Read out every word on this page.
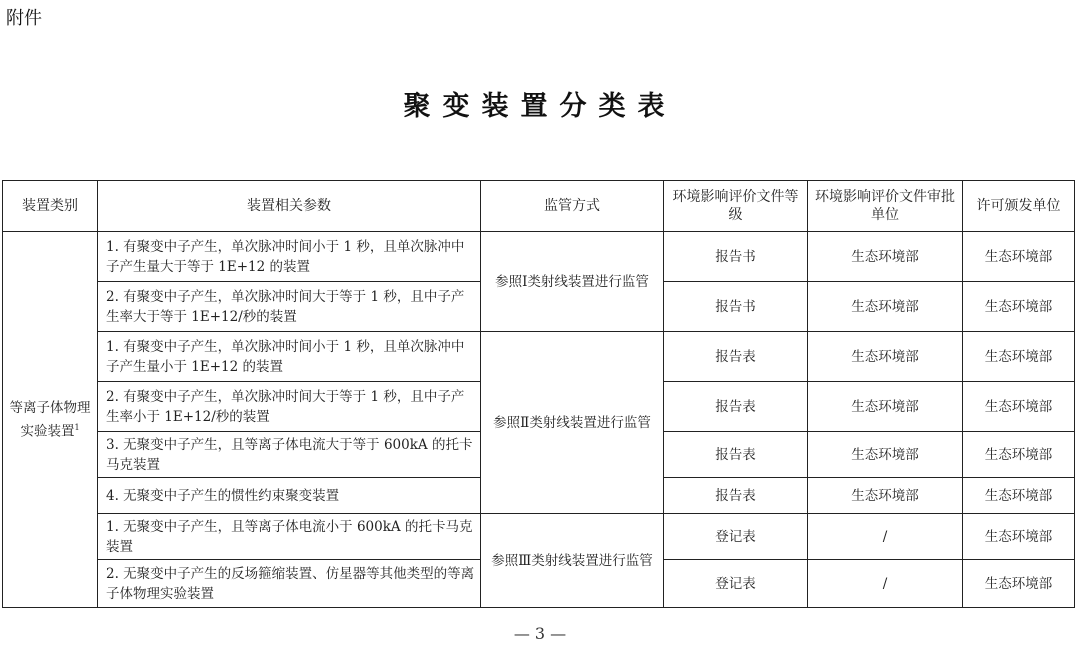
附件
聚变装置分类表
装置类别	装置相关参数	监管方式	环境影响评价文件等级	环境影响评价文件审批单位	许可颁发单位
等离子体物理实验装置$^1$	1. 有聚变中子产生，单次脉冲时间小于 1 秒，且单次脉冲中子产生量大于等于 1E+12 的装置	参照Ⅰ类射线装置进行监管	报告书	生态环境部	生态环境部
	2. 有聚变中子产生，单次脉冲时间大于等于 1 秒，且中子产生率大于等于 1E+12/秒的装置		报告书	生态环境部	生态环境部
	1. 有聚变中子产生，单次脉冲时间小于 1 秒，且单次脉冲中子产生量小于 1E+12 的装置	参照Ⅱ类射线装置进行监管	报告表	生态环境部	生态环境部
	2. 有聚变中子产生，单次脉冲时间大于等于 1 秒，且中子产生率小于 1E+12/秒的装置		报告表	生态环境部	生态环境部
	3. 无聚变中子产生，且等离子体电流大于等于 600kA 的托卡马克装置		报告表	生态环境部	生态环境部
	4. 无聚变中子产生的惯性约束聚变装置		报告表	生态环境部	生态环境部
	1. 无聚变中子产生，且等离子体电流小于 600kA 的托卡马克装置	参照Ⅲ类射线装置进行监管	登记表	/	生态环境部
	2. 无聚变中子产生的反场箍缩装置、仿星器等其他类型的等离子体物理实验装置		登记表	/	生态环境部
— 3 —
